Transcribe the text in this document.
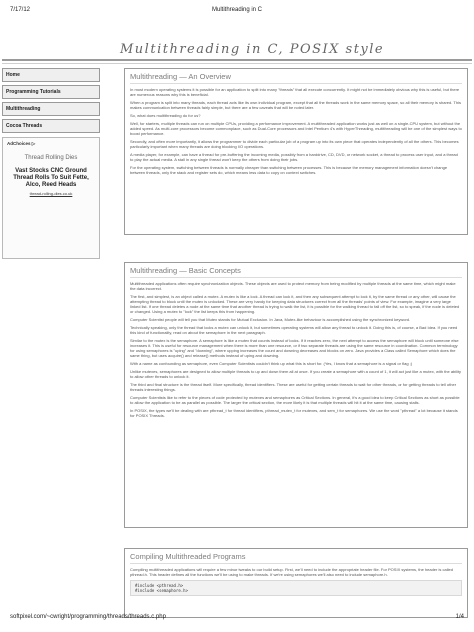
7/17/12	Multithreading in C
Multithreading in C, POSIX style
Home
Programming Tutorials
Multithreading
Cocoa Threads
AdChoices ▷
Thread Rolling Dies
Vast Stocks CNC Ground Thread Rolls To Suit Fette, Alco, Reed Heads
thread-rolling-dies.co.uk
Multithreading — An Overview

In most modern operating systems it is possible for an application to split into many "threads" that all execute concurrently. It might not be immediately obvious why this is useful, but there are numerous reasons why this is beneficial.

When a program is split into many threads, each thread acts like its own individual program, except that all the threads work in the same memory space, so all their memory is shared. This makes communication between threads fairly simple, but there are a few caveats that will be noted later.

So, what does multithreading do for us?

Well, for starters, multiple threads can run on multiple CPUs, providing a performance improvement. A multithreaded application works just as well on a single-CPU system, but without the added speed. As multi-core processors become commonplace, such as Dual-Core processors and Intel Pentium 4's with HyperThreading, multithreading will be one of the simplest ways to boost performance.

Secondly, and often more importantly, it allows the programmer to divide each particular job of a program up into its own piece that operates independently of all the others. This becomes particularly important when many threads are doing blocking I/O operations.

A media player, for example, can have a thread for pre-buffering the incoming media, possibly from a harddrive, CD, DVD, or network socket, a thread to process user input, and a thread to play the actual media. A stall in any single thread won't keep the others from doing their jobs.

For the operating system, switching between threads is normally cheaper than switching between processes. This is because the memory management information doesn't change between threads, only the stack and register sets do, which means less data to copy on context switches.

Multithreading — Basic Concepts

Multithreaded applications often require synchronization objects. These objects are used to protect memory from being modified by multiple threads at the same time, which might make the data incorrect.

The first, and simplest, is an object called a mutex. A mutex is like a lock. A thread can lock it, and then any subsequent attempt to lock it, by the same thread or any other, will cause the attempting thread to block until the mutex is unlocked. These are very handy for keeping data structures correct from all the threads' points of view. For example, imagine a very large linked list. If one thread deletes a node at the same time that another thread is trying to walk the list, it is possible for the walking thread to fall off the list, so to speak, if the node is deleted or changed. Using a mutex to "lock" the list keeps this from happening.

Computer Scientist people will tell you that Mutex stands for Mutual Exclusion. In Java, Mutex-like behaviour is accomplished using the synchronized keyword.

Technically speaking, only the thread that locks a mutex can unlock it, but sometimes operating systems will allow any thread to unlock it. Doing this is, of course, a Bad Idea. If you need this kind of functionality, read on about the semaphore in the next paragraph.

Similar to the mutex is the semaphore. A semaphore is like a mutex that counts instead of locks. If it reaches zero, the next attempt to access the semaphore will block until someone else increases it. This is useful for resource management when there is more than one resource, or if two separate threads are using the same resource in coordination. Common terminology for using semaphores is "uping" and "downing", where upping increases the count and downing decreases and blocks on zero. Java provides a Class called Semaphore which does the same thing, but uses acquire() and release() methods instead of uping and downing.

With a name as confounding as semaphore, even Computer Scientists couldn't think up what this is short for. (Yes, I know that a semaphore is a signal or flag ;)

Unlike mutexes, semaphores are designed to allow multiple threads to up and down them all at once. If you create a semaphore with a count of 1, it will act just like a mutex, with the ability to allow other threads to unlock it.

The third and final structure is the thread itself. More specifically, thread identifiers. These are useful for getting certain threads to wait for other threads, or for getting threads to tell other threads interesting things.

Computer Scientists like to refer to the pieces of code protected by mutexes and semaphores as Critical Sections. In general, it's a good idea to keep Critical Sections as short as possible to allow the application to be as parallel as possible. The larger the critical section, the more likely it is that multiple threads will hit it at the same time, causing stalls.

In POSIX, the types we'll be dealing with are pthread_t for thread identifiers, pthread_mutex_t for mutexes, and sem_t for semaphores. We use the word "pthread" a lot because it stands for POSIX Threads.

Compiling Multithreaded Programs

Compiling multithreaded applications will require a few minor tweaks to our build setup. First, we'll need to include the appropriate header file. For POSIX systems, the header is called pthread.h. This header defines all the functions we'll be using to make threads. If we're using semaphores we'll also need to include semaphore.h.

#include <pthread.h>
#include <semaphore.h>
softpixel.com/~cwright/programming/threads/threads.c.php	1/4
